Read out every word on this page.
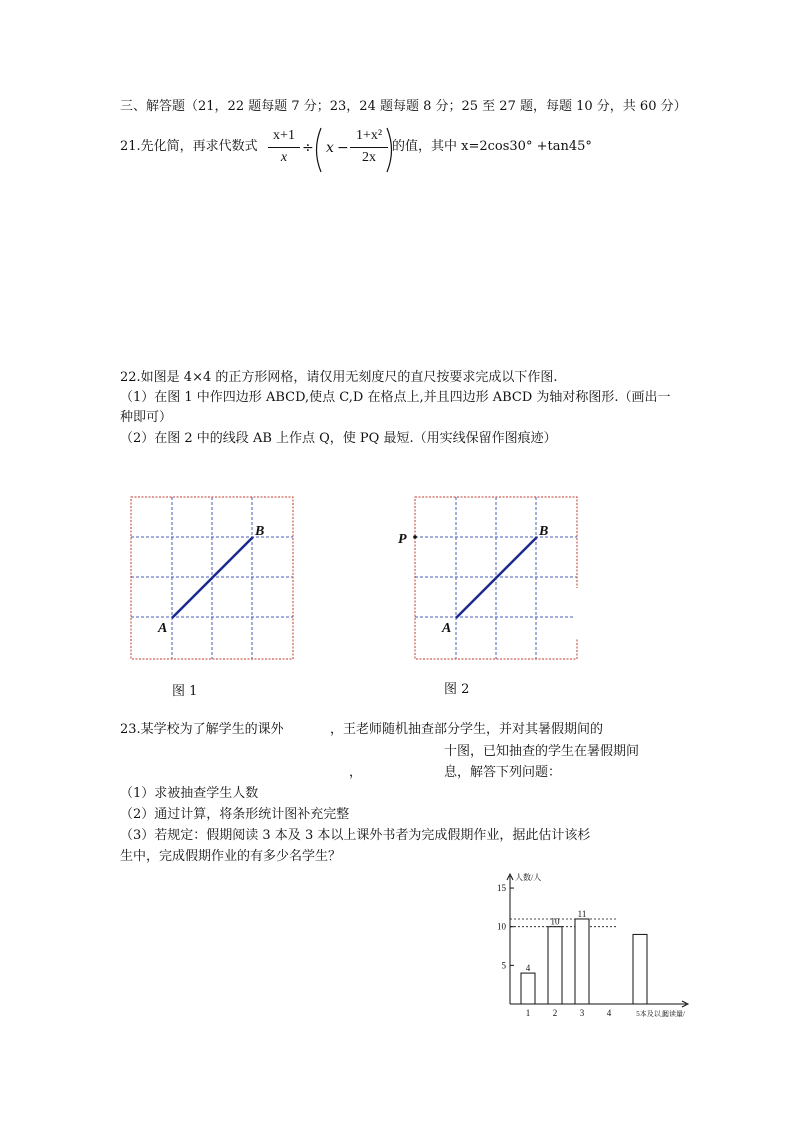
三、解答题（21，22 题每题 7 分；23，24 题每题 8 分；25 至 27 题，每题 10 分，共 60 分）
21.先化简，再求代数式
x+1
x
÷ x −
1+x²
2x
的值，其中 x=2cos30° +tan45°
22.如图是 4×4 的正方形网格，请仅用无刻度尺的直尺按要求完成以下作图.
（1）在图 1 中作四边形 ABCD,使点 C,D 在格点上,并且四边形 ABCD 为轴对称图形.（画出一
种即可）
（2）在图 2 中的线段 AB 上作点 Q，使 PQ 最短.（用实线保留作图痕迹）
A
B
图 1
P
A
B
图 2
23.某学校为了解学生的课外	，王老师随机抽查部分学生，并对其暑假期间的
十图，已知抽查的学生在暑假期间
，	息，解答下列问题：
（1）求被抽查学生人数
（2）通过计算，将条形统计图补充完整
（3）若规定：假期阅读 3 本及 3 本以上课外书者为完成假期作业，据此估计该杉
生中，完成假期作业的有多少名学生？
5
10
15
人数/人
阅读量/
4
1
10
2
11
3	4	5本及以上
